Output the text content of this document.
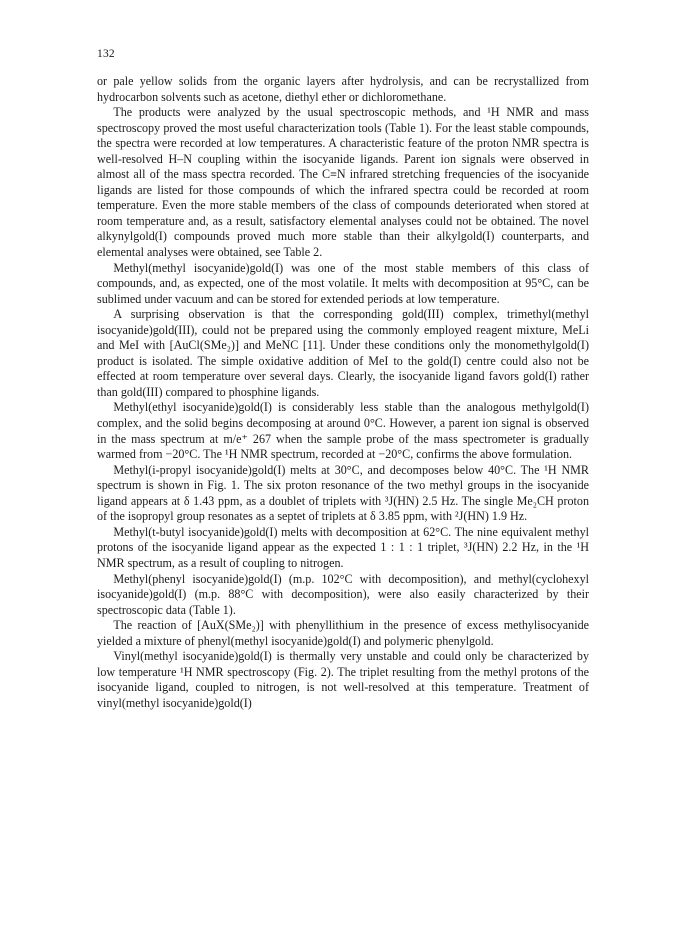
132

or pale yellow solids from the organic layers after hydrolysis, and can be recrystallized from hydrocarbon solvents such as acetone, diethyl ether or dichloromethane.

The products were analyzed by the usual spectroscopic methods, and ¹H NMR and mass spectroscopy proved the most useful characterization tools (Table 1). For the least stable compounds, the spectra were recorded at low temperatures. A characteristic feature of the proton NMR spectra is well-resolved H–N coupling within the isocyanide ligands. Parent ion signals were observed in almost all of the mass spectra recorded. The C≡N infrared stretching frequencies of the isocyanide ligands are listed for those compounds of which the infrared spectra could be recorded at room temperature. Even the more stable members of the class of compounds deteriorated when stored at room temperature and, as a result, satisfactory elemental analyses could not be obtained. The novel alkynylgold(I) compounds proved much more stable than their alkylgold(I) counterparts, and elemental analyses were obtained, see Table 2.

Methyl(methyl isocyanide)gold(I) was one of the most stable members of this class of compounds, and, as expected, one of the most volatile. It melts with decomposition at 95°C, can be sublimed under vacuum and can be stored for extended periods at low temperature.

A surprising observation is that the corresponding gold(III) complex, trimethyl(methyl isocyanide)gold(III), could not be prepared using the commonly employed reagent mixture, MeLi and MeI with [AuCl(SMe₂)] and MeNC [11]. Under these conditions only the monomethylgold(I) product is isolated. The simple oxidative addition of MeI to the gold(I) centre could also not be effected at room temperature over several days. Clearly, the isocyanide ligand favors gold(I) rather than gold(III) compared to phosphine ligands.

Methyl(ethyl isocyanide)gold(I) is considerably less stable than the analogous methylgold(I) complex, and the solid begins decomposing at around 0°C. However, a parent ion signal is observed in the mass spectrum at m/e⁺ 267 when the sample probe of the mass spectrometer is gradually warmed from −20°C. The ¹H NMR spectrum, recorded at −20°C, confirms the above formulation.

Methyl(i-propyl isocyanide)gold(I) melts at 30°C, and decomposes below 40°C. The ¹H NMR spectrum is shown in Fig. 1. The six proton resonance of the two methyl groups in the isocyanide ligand appears at δ 1.43 ppm, as a doublet of triplets with ³J(HN) 2.5 Hz. The single Me₂CH proton of the isopropyl group resonates as a septet of triplets at δ 3.85 ppm, with ²J(HN) 1.9 Hz.

Methyl(t-butyl isocyanide)gold(I) melts with decomposition at 62°C. The nine equivalent methyl protons of the isocyanide ligand appear as the expected 1 : 1 : 1 triplet, ³J(HN) 2.2 Hz, in the ¹H NMR spectrum, as a result of coupling to nitrogen.

Methyl(phenyl isocyanide)gold(I) (m.p. 102°C with decomposition), and methyl(cyclohexyl isocyanide)gold(I) (m.p. 88°C with decomposition), were also easily characterized by their spectroscopic data (Table 1).

The reaction of [AuX(SMe₂)] with phenyllithium in the presence of excess methylisocyanide yielded a mixture of phenyl(methyl isocyanide)gold(I) and polymeric phenylgold.

Vinyl(methyl isocyanide)gold(I) is thermally very unstable and could only be characterized by low temperature ¹H NMR spectroscopy (Fig. 2). The triplet resulting from the methyl protons of the isocyanide ligand, coupled to nitrogen, is not well-resolved at this temperature. Treatment of vinyl(methyl isocyanide)gold(I)
